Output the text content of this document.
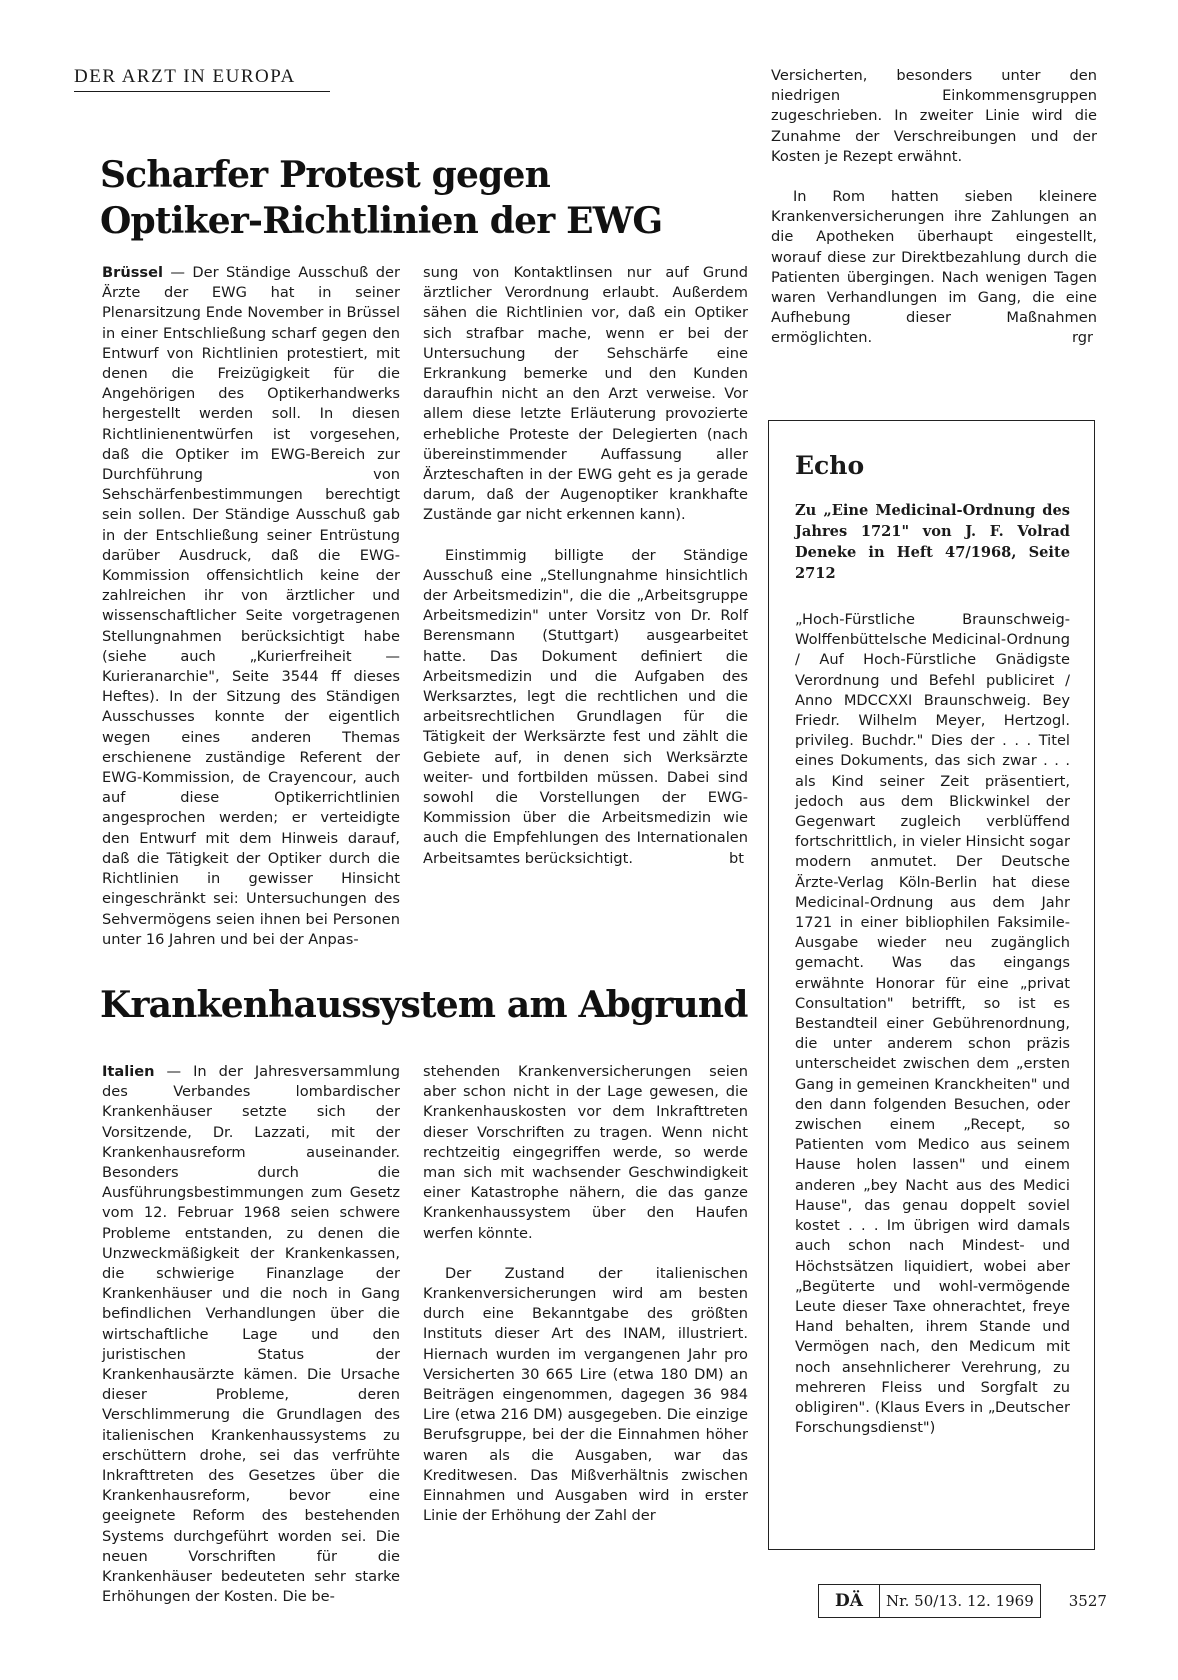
DER ARZT IN EUROPA
Scharfer Protest gegen
Optiker-Richtlinien der EWG

Brüssel — Der Ständige Ausschuß der Ärzte der EWG hat in seiner Plenarsitzung Ende November in Brüssel in einer Entschließung scharf gegen den Entwurf von Richtlinien protestiert, mit denen die Freizügigkeit für die Angehörigen des Optikerhandwerks hergestellt werden soll. In diesen Richtlinienentwürfen ist vorgesehen, daß die Optiker im EWG-Bereich zur Durchführung von Sehschärfenbestimmungen berechtigt sein sollen. Der Ständige Ausschuß gab in der Entschließung seiner Entrüstung darüber Ausdruck, daß die EWG-Kommission offensichtlich keine der zahlreichen ihr von ärztlicher und wissenschaftlicher Seite vorgetragenen Stellungnahmen berücksichtigt habe (siehe auch „Kurierfreiheit — Kurieranarchie", Seite 3544 ff dieses Heftes). In der Sitzung des Ständigen Ausschusses konnte der eigentlich wegen eines anderen Themas erschienene zuständige Referent der EWG-Kommission, de Crayencour, auch auf diese Optikerrichtlinien angesprochen werden; er verteidigte den Entwurf mit dem Hinweis darauf, daß die Tätigkeit der Optiker durch die Richtlinien in gewisser Hinsicht eingeschränkt sei: Untersuchungen des Sehvermögens seien ihnen bei Personen unter 16 Jahren und bei der Anpas-

sung von Kontaktlinsen nur auf Grund ärztlicher Verordnung erlaubt. Außerdem sähen die Richtlinien vor, daß ein Optiker sich strafbar mache, wenn er bei der Untersuchung der Sehschärfe eine Erkrankung bemerke und den Kunden daraufhin nicht an den Arzt verweise. Vor allem diese letzte Erläuterung provozierte erhebliche Proteste der Delegierten (nach übereinstimmender Auffassung aller Ärzteschaften in der EWG geht es ja gerade darum, daß der Augenoptiker krankhafte Zustände gar nicht erkennen kann).

Einstimmig billigte der Ständige Ausschuß eine „Stellungnahme hinsichtlich der Arbeitsmedizin", die die „Arbeitsgruppe Arbeitsmedizin" unter Vorsitz von Dr. Rolf Berensmann (Stuttgart) ausgearbeitet hatte. Das Dokument definiert die Arbeitsmedizin und die Aufgaben des Werksarztes, legt die rechtlichen und die arbeitsrechtlichen Grundlagen für die Tätigkeit der Werksärzte fest und zählt die Gebiete auf, in denen sich Werksärzte weiter- und fortbilden müssen. Dabei sind sowohl die Vorstellungen der EWG-Kommission über die Arbeitsmedizin wie auch die Empfehlungen des Internationalen Arbeitsamtes berücksichtigt.	bt

Krankenhaussystem am Abgrund

Italien — In der Jahresversammlung des Verbandes lombardischer Krankenhäuser setzte sich der Vorsitzende, Dr. Lazzati, mit der Krankenhausreform auseinander. Besonders durch die Ausführungsbestimmungen zum Gesetz vom 12. Februar 1968 seien schwere Probleme entstanden, zu denen die Unzweckmäßigkeit der Krankenkassen, die schwierige Finanzlage der Krankenhäuser und die noch in Gang befindlichen Verhandlungen über die wirtschaftliche Lage und den juristischen Status der Krankenhausärzte kämen. Die Ursache dieser Probleme, deren Verschlimmerung die Grundlagen des italienischen Krankenhaussystems zu erschüttern drohe, sei das verfrühte Inkrafttreten des Gesetzes über die Krankenhausreform, bevor eine geeignete Reform des bestehenden Systems durchgeführt worden sei. Die neuen Vorschriften für die Krankenhäuser bedeuteten sehr starke Erhöhungen der Kosten. Die be-

stehenden Krankenversicherungen seien aber schon nicht in der Lage gewesen, die Krankenhauskosten vor dem Inkrafttreten dieser Vorschriften zu tragen. Wenn nicht rechtzeitig eingegriffen werde, so werde man sich mit wachsender Geschwindigkeit einer Katastrophe nähern, die das ganze Krankenhaussystem über den Haufen werfen könnte.

Der Zustand der italienischen Krankenversicherungen wird am besten durch eine Bekanntgabe des größten Instituts dieser Art des INAM, illustriert. Hiernach wurden im vergangenen Jahr pro Versicherten 30 665 Lire (etwa 180 DM) an Beiträgen eingenommen, dagegen 36 984 Lire (etwa 216 DM) ausgegeben. Die einzige Berufsgruppe, bei der die Einnahmen höher waren als die Ausgaben, war das Kreditwesen. Das Mißverhältnis zwischen Einnahmen und Ausgaben wird in erster Linie der Erhöhung der Zahl der

Versicherten, besonders unter den niedrigen Einkommensgruppen zugeschrieben. In zweiter Linie wird die Zunahme der Verschreibungen und der Kosten je Rezept erwähnt.

In Rom hatten sieben kleinere Krankenversicherungen ihre Zahlungen an die Apotheken überhaupt eingestellt, worauf diese zur Direktbezahlung durch die Patienten übergingen. Nach wenigen Tagen waren Verhandlungen im Gang, die eine Aufhebung dieser Maßnahmen ermöglichten.	rgr

Echo

Zu „Eine Medicinal-Ordnung des Jahres 1721" von J. F. Volrad Deneke in Heft 47/1968, Seite 2712

„Hoch-Fürstliche Braunschweig-Wolffenbüttelsche Medicinal-Ordnung / Auf Hoch-Fürstliche Gnädigste Verordnung und Befehl publiciret / Anno MDCCXXI Braunschweig. Bey Friedr. Wilhelm Meyer, Hertzogl. privileg. Buchdr." Dies der . . . Titel eines Dokuments, das sich zwar . . . als Kind seiner Zeit präsentiert, jedoch aus dem Blickwinkel der Gegenwart zugleich verblüffend fortschrittlich, in vieler Hinsicht sogar modern anmutet. Der Deutsche Ärzte-Verlag Köln-Berlin hat diese Medicinal-Ordnung aus dem Jahr 1721 in einer bibliophilen Faksimile-Ausgabe wieder neu zugänglich gemacht. Was das eingangs erwähnte Honorar für eine „privat Consultation" betrifft, so ist es Bestandteil einer Gebührenordnung, die unter anderem schon präzis unterscheidet zwischen dem „ersten Gang in gemeinen Kranckheiten" und den dann folgenden Besuchen, oder zwischen einem „Recept, so Patienten vom Medico aus seinem Hause holen lassen" und einem anderen „bey Nacht aus des Medici Hause", das genau doppelt soviel kostet . . . Im übrigen wird damals auch schon nach Mindest- und Höchstsätzen liquidiert, wobei aber „Begüterte und wohl-vermögende Leute dieser Taxe ohnerachtet, freye Hand behalten, ihrem Stande und Vermögen nach, den Medicum mit noch ansehnlicherer Verehrung, zu mehreren Fleiss und Sorgfalt zu obligiren". (Klaus Evers in „Deutscher Forschungsdienst")
DÄ	Nr. 50/13. 12. 1969	3527
